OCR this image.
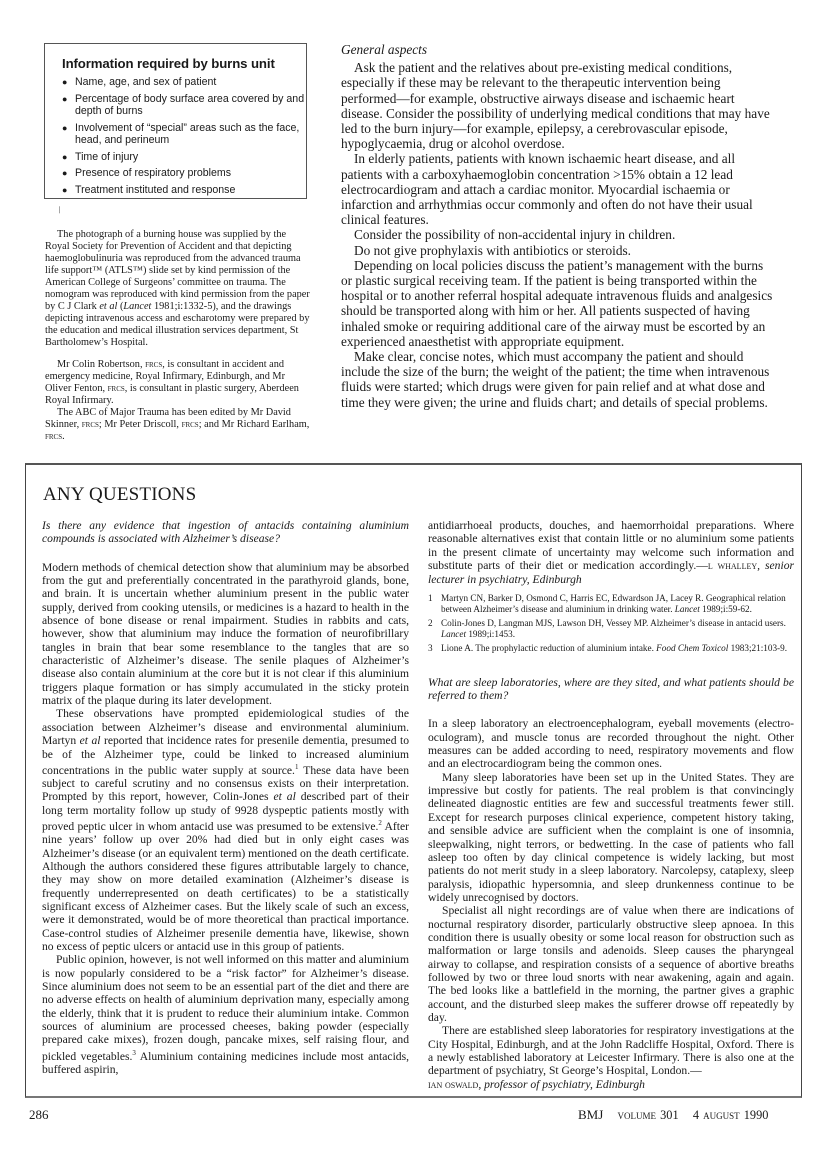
Information required by burns unit
● Name, age, and sex of patient
● Percentage of body surface area covered by and depth of burns
● Involvement of “special” areas such as the face, head, and perineum
● Time of injury
● Presence of respiratory problems
● Treatment instituted and response
\

The photograph of a burning house was supplied by the Royal Society for Prevention of Accident and that depicting haemoglobulinuria was reproduced from the advanced trauma life support™ (ATLS™) slide set by kind permission of the American College of Surgeons’ committee on trauma. The nomogram was reproduced with kind permission from the paper by C J Clark et al (Lancet 1981;i:1332-5), and the drawings depicting intravenous access and escharotomy were prepared by the education and medical illustration services department, St Bartholomew’s Hospital.

Mr Colin Robertson, frcs, is consultant in accident and emergency medicine, Royal Infirmary, Edinburgh, and Mr Oliver Fenton, frcs, is consultant in plastic surgery, Aberdeen Royal Infirmary.

The ABC of Major Trauma has been edited by Mr David Skinner, frcs; Mr Peter Driscoll, frcs; and Mr Richard Earlham, frcs.

General aspects

Ask the patient and the relatives about pre-existing medical conditions, especially if these may be relevant to the therapeutic intervention being performed—for example, obstructive airways disease and ischaemic heart disease. Consider the possibility of underlying medical conditions that may have led to the burn injury—for example, epilepsy, a cerebrovascular episode, hypoglycaemia, drug or alcohol overdose.

In elderly patients, patients with known ischaemic heart disease, and all patients with a carboxyhaemoglobin concentration >15% obtain a 12 lead electrocardiogram and attach a cardiac monitor. Myocardial ischaemia or infarction and arrhythmias occur commonly and often do not have their usual clinical features.

Consider the possibility of non-accidental injury in children.

Do not give prophylaxis with antibiotics or steroids.

Depending on local policies discuss the patient’s management with the burns or plastic surgical receiving team. If the patient is being transported within the hospital or to another referral hospital adequate intravenous fluids and analgesics should be transported along with him or her. All patients suspected of having inhaled smoke or requiring additional care of the airway must be escorted by an experienced anaesthetist with appropriate equipment.

Make clear, concise notes, which must accompany the patient and should include the size of the burn; the weight of the patient; the time when intravenous fluids were started; which drugs were given for pain relief and at what dose and time they were given; the urine and fluids chart; and details of special problems.

ANY QUESTIONS

Is there any evidence that ingestion of antacids containing aluminium compounds is associated with Alzheimer’s disease?

Modern methods of chemical detection show that aluminium may be absorbed from the gut and preferentially concentrated in the parathyroid glands, bone, and brain. It is uncertain whether aluminium present in the public water supply, derived from cooking utensils, or medicines is a hazard to health in the absence of bone disease or renal impairment. Studies in rabbits and cats, however, show that aluminium may induce the formation of neurofibrillary tangles in brain that bear some resemblance to the tangles that are so characteristic of Alzheimer’s disease. The senile plaques of Alzheimer’s disease also contain aluminium at the core but it is not clear if this aluminium triggers plaque formation or has simply accumulated in the sticky protein matrix of the plaque during its later development.

These observations have prompted epidemiological studies of the association between Alzheimer’s disease and environmental aluminium. Martyn et al reported that incidence rates for presenile dementia, presumed to be of the Alzheimer type, could be linked to increased aluminium concentrations in the public water supply at source.$^1$ These data have been subject to careful scrutiny and no consensus exists on their interpretation. Prompted by this report, however, Colin-Jones et al described part of their long term mortality follow up study of 9928 dyspeptic patients mostly with proved peptic ulcer in whom antacid use was presumed to be extensive.$^2$ After nine years’ follow up over 20% had died but in only eight cases was Alzheimer’s disease (or an equivalent term) mentioned on the death certificate. Although the authors considered these figures attributable largely to chance, they may show on more detailed examination (Alzheimer’s disease is frequently underrepresented on death certificates) to be a statistically significant excess of Alzheimer cases. But the likely scale of such an excess, were it demonstrated, would be of more theoretical than practical importance. Case-control studies of Alzheimer presenile dementia have, likewise, shown no excess of peptic ulcers or antacid use in this group of patients.

Public opinion, however, is not well informed on this matter and aluminium is now popularly considered to be a “risk factor” for Alzheimer’s disease. Since aluminium does not seem to be an essential part of the diet and there are no adverse effects on health of aluminium deprivation many, especially among the elderly, think that it is prudent to reduce their aluminium intake. Common sources of aluminium are processed cheeses, baking powder (especially prepared cake mixes), frozen dough, pancake mixes, self raising flour, and pickled vegetables.$^3$ Aluminium containing medicines include most antacids, buffered aspirin,

antidiarrhoeal products, douches, and haemorrhoidal preparations. Where reasonable alternatives exist that contain little or no aluminium some patients in the present climate of uncertainty may welcome such information and substitute parts of their diet or medication accordingly.—l whalley, senior lecturer in psychiatry, Edinburgh

1 Martyn CN, Barker D, Osmond C, Harris EC, Edwardson JA, Lacey R. Geographical relation between Alzheimer’s disease and aluminium in drinking water. Lancet 1989;i:59-62.
2 Colin-Jones D, Langman MJS, Lawson DH, Vessey MP. Alzheimer’s disease in antacid users. Lancet 1989;i:1453.
3 Lione A. The prophylactic reduction of aluminium intake. Food Chem Toxicol 1983;21:103-9.

What are sleep laboratories, where are they sited, and what patients should be referred to them?

In a sleep laboratory an electroencephalogram, eyeball movements (electro-oculogram), and muscle tonus are recorded throughout the night. Other measures can be added according to need, respiratory movements and flow and an electrocardiogram being the common ones.

Many sleep laboratories have been set up in the United States. They are impressive but costly for patients. The real problem is that convincingly delineated diagnostic entities are few and successful treatments fewer still. Except for research purposes clinical experience, competent history taking, and sensible advice are sufficient when the complaint is one of insomnia, sleepwalking, night terrors, or bedwetting. In the case of patients who fall asleep too often by day clinical competence is widely lacking, but most patients do not merit study in a sleep laboratory. Narcolepsy, cataplexy, sleep paralysis, idiopathic hypersomnia, and sleep drunkenness continue to be widely unrecognised by doctors.

Specialist all night recordings are of value when there are indications of nocturnal respiratory disorder, particularly obstructive sleep apnoea. In this condition there is usually obesity or some local reason for obstruction such as malformation or large tonsils and adenoids. Sleep causes the pharyngeal airway to collapse, and respiration consists of a sequence of abortive breaths followed by two or three loud snorts with near awakening, again and again. The bed looks like a battlefield in the morning, the partner gives a graphic account, and the disturbed sleep makes the sufferer drowse off repeatedly by day.

There are established sleep laboratories for respiratory investigations at the City Hospital, Edinburgh, and at the John Radcliffe Hospital, Oxford. There is a newly established laboratory at Leicester Infirmary. There is also one at the department of psychiatry, St George’s Hospital, London.—
ian oswald, professor of psychiatry, Edinburgh

286	BMJ volume 301 4 august 1990
